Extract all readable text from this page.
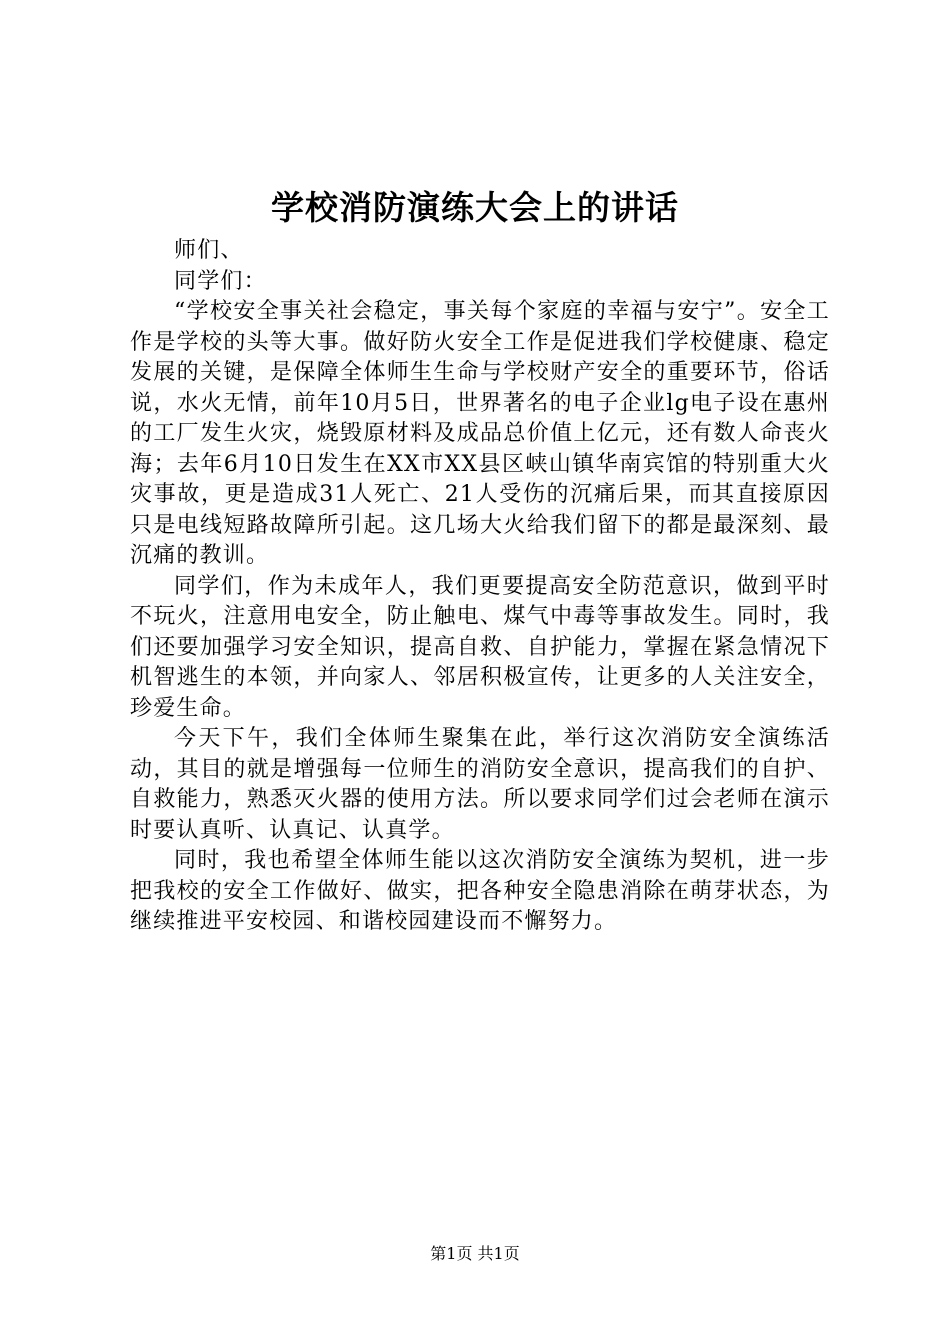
学校消防演练大会上的讲话

师们、

同学们：

“学校安全事关社会稳定，事关每个家庭的幸福与安宁”。安全工作是学校的头等大事。做好防火安全工作是促进我们学校健康、稳定发展的关键，是保障全体师生生命与学校财产安全的重要环节，俗话说，水火无情，前年10月5日，世界著名的电子企业lg电子设在惠州的工厂发生火灾，烧毁原材料及成品总价值上亿元，还有数人命丧火海；去年6月10日发生在XX市XX县区峡山镇华南宾馆的特别重大火灾事故，更是造成31人死亡、21人受伤的沉痛后果，而其直接原因只是电线短路故障所引起。这几场大火给我们留下的都是最深刻、最沉痛的教训。

同学们，作为未成年人，我们更要提高安全防范意识，做到平时不玩火，注意用电安全，防止触电、煤气中毒等事故发生。同时，我们还要加强学习安全知识，提高自救、自护能力，掌握在紧急情况下机智逃生的本领，并向家人、邻居积极宣传，让更多的人关注安全，珍爱生命。

今天下午，我们全体师生聚集在此，举行这次消防安全演练活动，其目的就是增强每一位师生的消防安全意识，提高我们的自护、自救能力，熟悉灭火器的使用方法。所以要求同学们过会老师在演示时要认真听、认真记、认真学。

同时，我也希望全体师生能以这次消防安全演练为契机，进一步把我校的安全工作做好、做实，把各种安全隐患消除在萌芽状态，为继续推进平安校园、和谐校园建设而不懈努力。

第1页 共1页
